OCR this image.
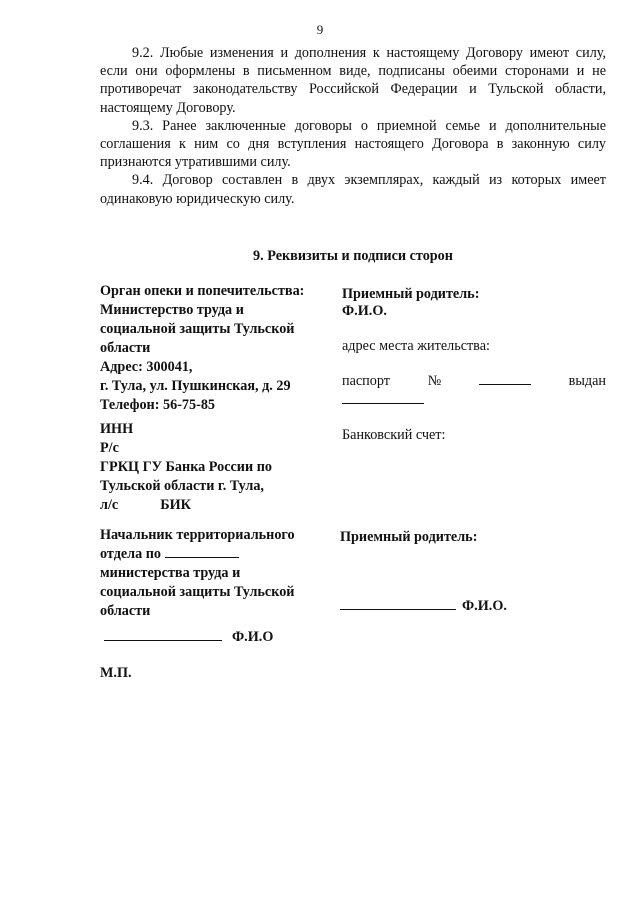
9

9.2. Любые изменения и дополнения к настоящему Договору имеют силу, если они оформлены в письменном виде, подписаны обеими сторонами и не противоречат законодательству Российской Федерации и Тульской области, настоящему Договору.

9.3. Ранее заключенные договоры о приемной семье и дополнительные соглашения к ним со дня вступления настоящего Договора в законную силу признаются утратившими силу.

9.4. Договор составлен в двух экземплярах, каждый из которых имеет одинаковую юридическую силу.

9. Реквизиты и подписи сторон
Орган опеки и попечительства:
Министерство труда и
социальной защиты Тульской
области
Адрес: 300041,
г. Тула, ул. Пушкинская, д. 29
Телефон: 56-75-85
ИНН
Р/с
ГРКЦ ГУ Банка России по
Тульской области г. Тула,
л/с	БИК
Начальник территориального
отдела по
министерства труда и
социальной защиты Тульской
области
Ф.И.О
М.П.
Приемный родитель:
Ф.И.О.
адрес места жительства:
паспорт	№	выдан
Банковский счет:
Приемный родитель:
Ф.И.О.
